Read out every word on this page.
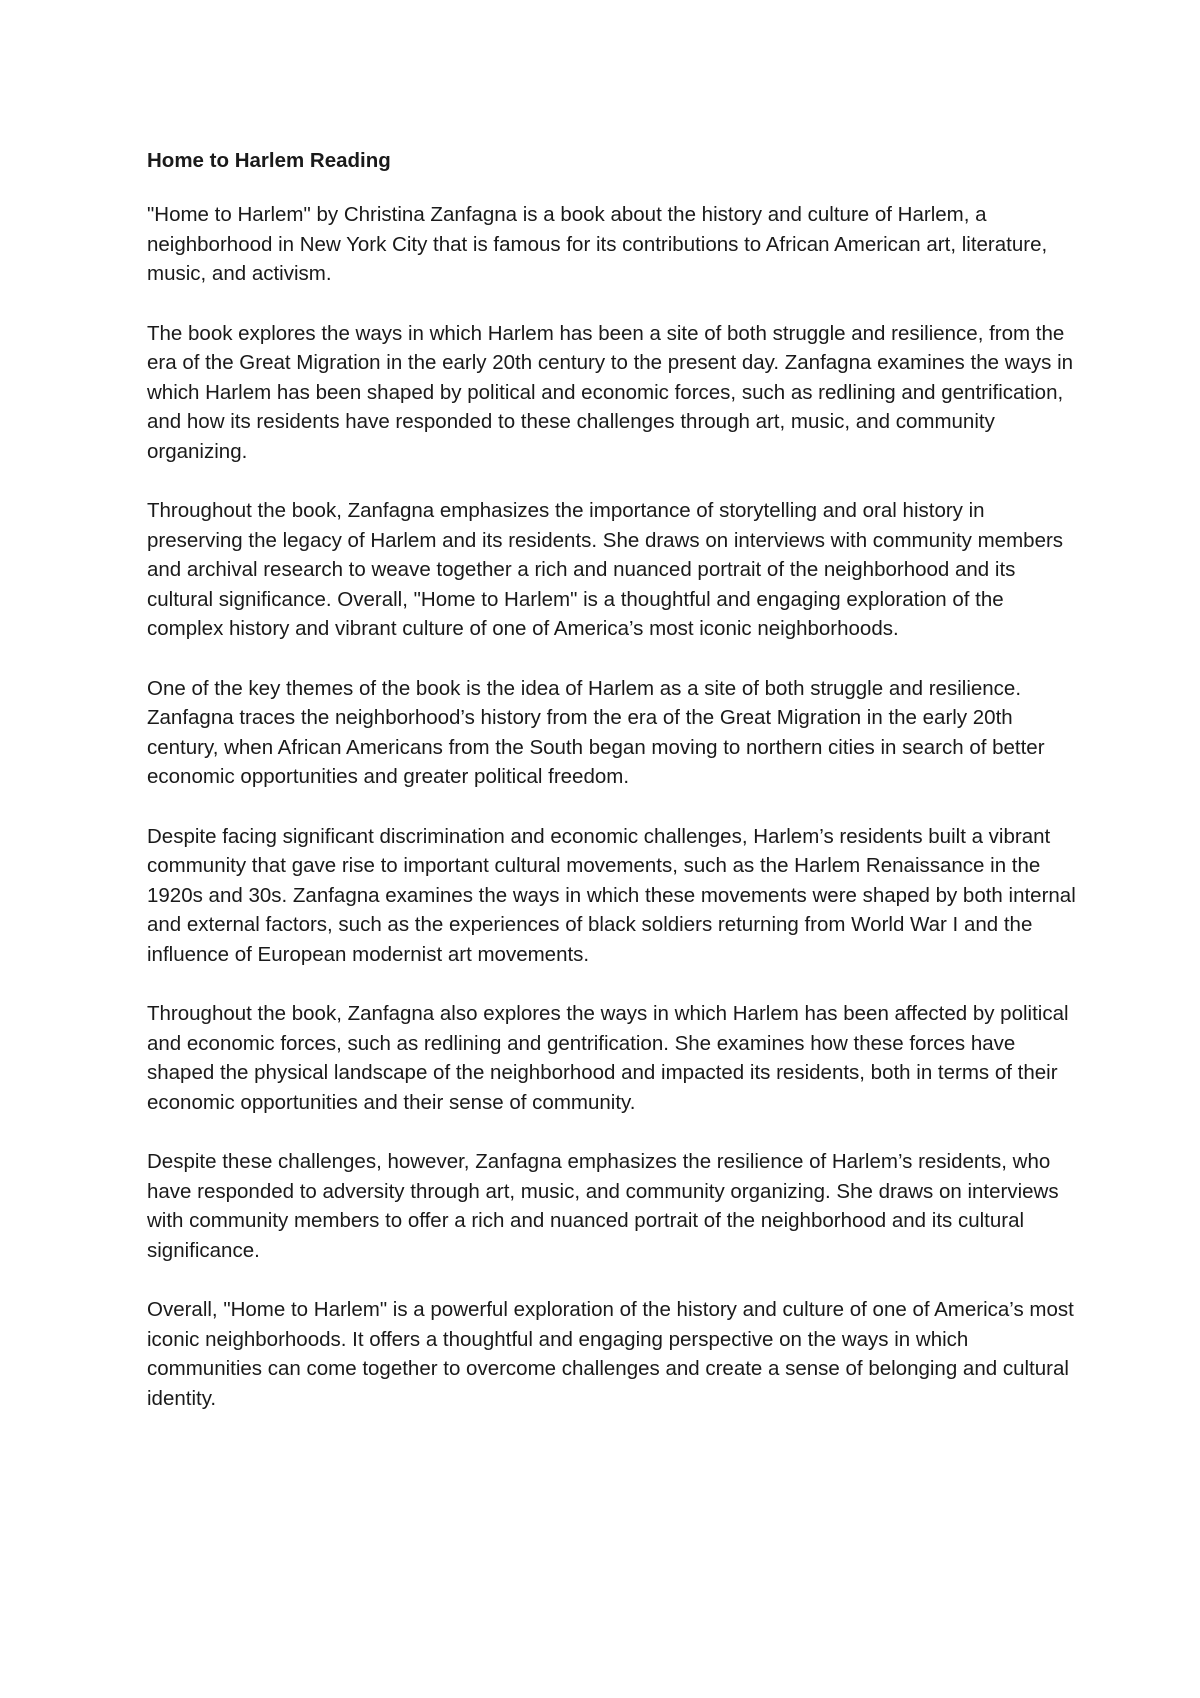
Home to Harlem Reading

"Home to Harlem" by Christina Zanfagna is a book about the history and culture of Harlem, a neighborhood in New York City that is famous for its contributions to African American art, literature, music, and activism.

The book explores the ways in which Harlem has been a site of both struggle and resilience, from the era of the Great Migration in the early 20th century to the present day. Zanfagna examines the ways in which Harlem has been shaped by political and economic forces, such as redlining and gentrification, and how its residents have responded to these challenges through art, music, and community organizing.

Throughout the book, Zanfagna emphasizes the importance of storytelling and oral history in preserving the legacy of Harlem and its residents. She draws on interviews with community members and archival research to weave together a rich and nuanced portrait of the neighborhood and its cultural significance. Overall, "Home to Harlem" is a thoughtful and engaging exploration of the complex history and vibrant culture of one of America’s most iconic neighborhoods.

One of the key themes of the book is the idea of Harlem as a site of both struggle and resilience. Zanfagna traces the neighborhood’s history from the era of the Great Migration in the early 20th century, when African Americans from the South began moving to northern cities in search of better economic opportunities and greater political freedom.

Despite facing significant discrimination and economic challenges, Harlem’s residents built a vibrant community that gave rise to important cultural movements, such as the Harlem Renaissance in the 1920s and 30s. Zanfagna examines the ways in which these movements were shaped by both internal and external factors, such as the experiences of black soldiers returning from World War I and the influence of European modernist art movements.

Throughout the book, Zanfagna also explores the ways in which Harlem has been affected by political and economic forces, such as redlining and gentrification. She examines how these forces have shaped the physical landscape of the neighborhood and impacted its residents, both in terms of their economic opportunities and their sense of community.

Despite these challenges, however, Zanfagna emphasizes the resilience of Harlem’s residents, who have responded to adversity through art, music, and community organizing. She draws on interviews with community members to offer a rich and nuanced portrait of the neighborhood and its cultural significance.

Overall, "Home to Harlem" is a powerful exploration of the history and culture of one of America’s most iconic neighborhoods. It offers a thoughtful and engaging perspective on the ways in which communities can come together to overcome challenges and create a sense of belonging and cultural identity.
